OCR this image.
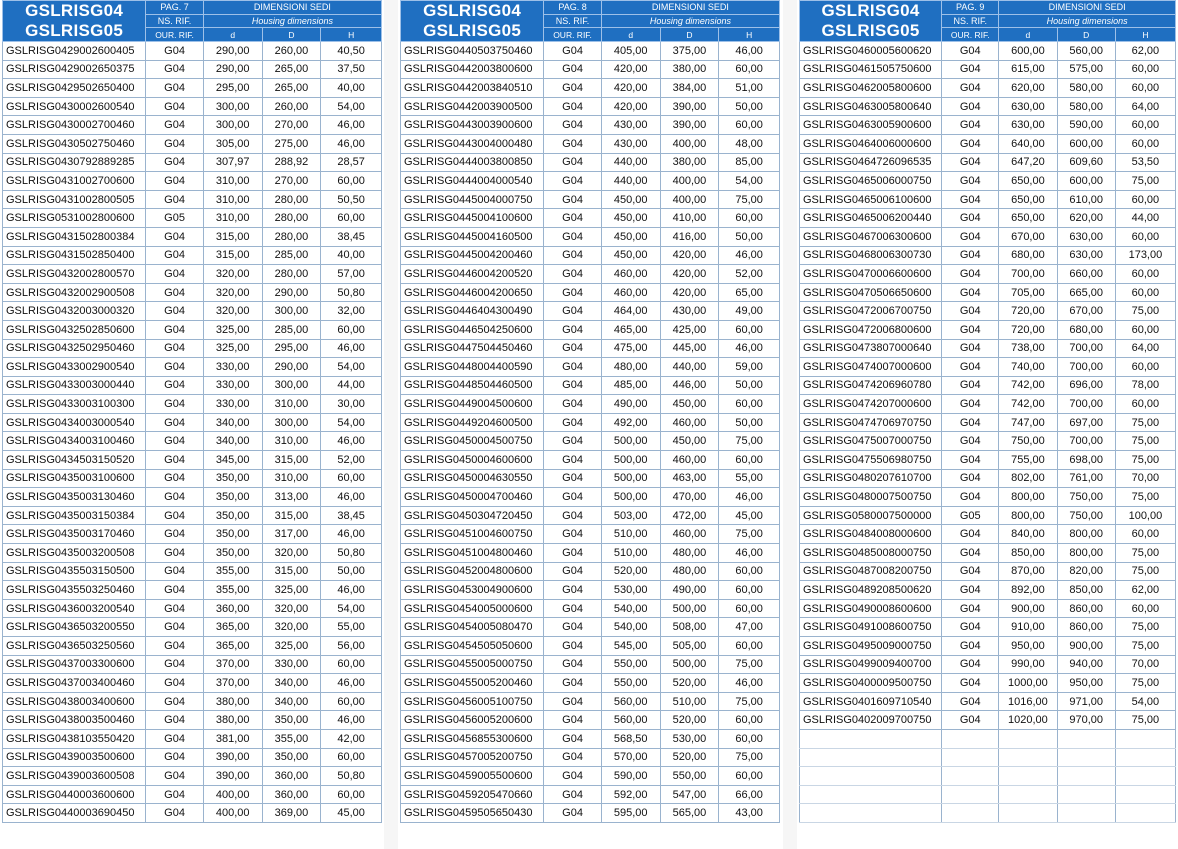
GSLRISG04
GSLRISG05	PAG. 7	DIMENSIONI SEDI		
	NS. RIF.	Housing dimensions		
	OUR. RIF.	d	D	H
GSLRISG0429002600405	G04	290,00	260,00	40,50
GSLRISG0429002650375	G04	290,00	265,00	37,50
GSLRISG0429502650400	G04	295,00	265,00	40,00
GSLRISG0430002600540	G04	300,00	260,00	54,00
GSLRISG0430002700460	G04	300,00	270,00	46,00
GSLRISG0430502750460	G04	305,00	275,00	46,00
GSLRISG0430792889285	G04	307,97	288,92	28,57
GSLRISG0431002700600	G04	310,00	270,00	60,00
GSLRISG0431002800505	G04	310,00	280,00	50,50
GSLRISG0531002800600	G05	310,00	280,00	60,00
GSLRISG0431502800384	G04	315,00	280,00	38,45
GSLRISG0431502850400	G04	315,00	285,00	40,00
GSLRISG0432002800570	G04	320,00	280,00	57,00
GSLRISG0432002900508	G04	320,00	290,00	50,80
GSLRISG0432003000320	G04	320,00	300,00	32,00
GSLRISG0432502850600	G04	325,00	285,00	60,00
GSLRISG0432502950460	G04	325,00	295,00	46,00
GSLRISG0433002900540	G04	330,00	290,00	54,00
GSLRISG0433003000440	G04	330,00	300,00	44,00
GSLRISG0433003100300	G04	330,00	310,00	30,00
GSLRISG0434003000540	G04	340,00	300,00	54,00
GSLRISG0434003100460	G04	340,00	310,00	46,00
GSLRISG0434503150520	G04	345,00	315,00	52,00
GSLRISG0435003100600	G04	350,00	310,00	60,00
GSLRISG0435003130460	G04	350,00	313,00	46,00
GSLRISG0435003150384	G04	350,00	315,00	38,45
GSLRISG0435003170460	G04	350,00	317,00	46,00
GSLRISG0435003200508	G04	350,00	320,00	50,80
GSLRISG0435503150500	G04	355,00	315,00	50,00
GSLRISG0435503250460	G04	355,00	325,00	46,00
GSLRISG0436003200540	G04	360,00	320,00	54,00
GSLRISG0436503200550	G04	365,00	320,00	55,00
GSLRISG0436503250560	G04	365,00	325,00	56,00
GSLRISG0437003300600	G04	370,00	330,00	60,00
GSLRISG0437003400460	G04	370,00	340,00	46,00
GSLRISG0438003400600	G04	380,00	340,00	60,00
GSLRISG0438003500460	G04	380,00	350,00	46,00
GSLRISG0438103550420	G04	381,00	355,00	42,00
GSLRISG0439003500600	G04	390,00	350,00	60,00
GSLRISG0439003600508	G04	390,00	360,00	50,80
GSLRISG0440003600600	G04	400,00	360,00	60,00
GSLRISG0440003690450	G04	400,00	369,00	45,00
GSLRISG04
GSLRISG05	PAG. 8	DIMENSIONI SEDI		
	NS. RIF.	Housing dimensions		
	OUR. RIF.	d	D	H
GSLRISG0440503750460	G04	405,00	375,00	46,00
GSLRISG0442003800600	G04	420,00	380,00	60,00
GSLRISG0442003840510	G04	420,00	384,00	51,00
GSLRISG0442003900500	G04	420,00	390,00	50,00
GSLRISG0443003900600	G04	430,00	390,00	60,00
GSLRISG0443004000480	G04	430,00	400,00	48,00
GSLRISG0444003800850	G04	440,00	380,00	85,00
GSLRISG0444004000540	G04	440,00	400,00	54,00
GSLRISG0445004000750	G04	450,00	400,00	75,00
GSLRISG0445004100600	G04	450,00	410,00	60,00
GSLRISG0445004160500	G04	450,00	416,00	50,00
GSLRISG0445004200460	G04	450,00	420,00	46,00
GSLRISG0446004200520	G04	460,00	420,00	52,00
GSLRISG0446004200650	G04	460,00	420,00	65,00
GSLRISG0446404300490	G04	464,00	430,00	49,00
GSLRISG0446504250600	G04	465,00	425,00	60,00
GSLRISG0447504450460	G04	475,00	445,00	46,00
GSLRISG0448004400590	G04	480,00	440,00	59,00
GSLRISG0448504460500	G04	485,00	446,00	50,00
GSLRISG0449004500600	G04	490,00	450,00	60,00
GSLRISG0449204600500	G04	492,00	460,00	50,00
GSLRISG0450004500750	G04	500,00	450,00	75,00
GSLRISG0450004600600	G04	500,00	460,00	60,00
GSLRISG0450004630550	G04	500,00	463,00	55,00
GSLRISG0450004700460	G04	500,00	470,00	46,00
GSLRISG0450304720450	G04	503,00	472,00	45,00
GSLRISG0451004600750	G04	510,00	460,00	75,00
GSLRISG0451004800460	G04	510,00	480,00	46,00
GSLRISG0452004800600	G04	520,00	480,00	60,00
GSLRISG0453004900600	G04	530,00	490,00	60,00
GSLRISG0454005000600	G04	540,00	500,00	60,00
GSLRISG0454005080470	G04	540,00	508,00	47,00
GSLRISG0454505050600	G04	545,00	505,00	60,00
GSLRISG0455005000750	G04	550,00	500,00	75,00
GSLRISG0455005200460	G04	550,00	520,00	46,00
GSLRISG0456005100750	G04	560,00	510,00	75,00
GSLRISG0456005200600	G04	560,00	520,00	60,00
GSLRISG0456855300600	G04	568,50	530,00	60,00
GSLRISG0457005200750	G04	570,00	520,00	75,00
GSLRISG0459005500600	G04	590,00	550,00	60,00
GSLRISG0459205470660	G04	592,00	547,00	66,00
GSLRISG0459505650430	G04	595,00	565,00	43,00
GSLRISG04
GSLRISG05	PAG. 9	DIMENSIONI SEDI		
	NS. RIF.	Housing dimensions		
	OUR. RIF.	d	D	H
GSLRISG0460005600620	G04	600,00	560,00	62,00
GSLRISG0461505750600	G04	615,00	575,00	60,00
GSLRISG0462005800600	G04	620,00	580,00	60,00
GSLRISG0463005800640	G04	630,00	580,00	64,00
GSLRISG0463005900600	G04	630,00	590,00	60,00
GSLRISG0464006000600	G04	640,00	600,00	60,00
GSLRISG0464726096535	G04	647,20	609,60	53,50
GSLRISG0465006000750	G04	650,00	600,00	75,00
GSLRISG0465006100600	G04	650,00	610,00	60,00
GSLRISG0465006200440	G04	650,00	620,00	44,00
GSLRISG0467006300600	G04	670,00	630,00	60,00
GSLRISG0468006300730	G04	680,00	630,00	173,00
GSLRISG0470006600600	G04	700,00	660,00	60,00
GSLRISG0470506650600	G04	705,00	665,00	60,00
GSLRISG0472006700750	G04	720,00	670,00	75,00
GSLRISG0472006800600	G04	720,00	680,00	60,00
GSLRISG0473807000640	G04	738,00	700,00	64,00
GSLRISG0474007000600	G04	740,00	700,00	60,00
GSLRISG0474206960780	G04	742,00	696,00	78,00
GSLRISG0474207000600	G04	742,00	700,00	60,00
GSLRISG0474706970750	G04	747,00	697,00	75,00
GSLRISG0475007000750	G04	750,00	700,00	75,00
GSLRISG0475506980750	G04	755,00	698,00	75,00
GSLRISG0480207610700	G04	802,00	761,00	70,00
GSLRISG0480007500750	G04	800,00	750,00	75,00
GSLRISG0580007500000	G05	800,00	750,00	100,00
GSLRISG0484008000600	G04	840,00	800,00	60,00
GSLRISG0485008000750	G04	850,00	800,00	75,00
GSLRISG0487008200750	G04	870,00	820,00	75,00
GSLRISG0489208500620	G04	892,00	850,00	62,00
GSLRISG0490008600600	G04	900,00	860,00	60,00
GSLRISG0491008600750	G04	910,00	860,00	75,00
GSLRISG0495009000750	G04	950,00	900,00	75,00
GSLRISG0499009400700	G04	990,00	940,00	70,00
GSLRISG0400009500750	G04	1000,00	950,00	75,00
GSLRISG0401609710540	G04	1016,00	971,00	54,00
GSLRISG0402009700750	G04	1020,00	970,00	75,00
